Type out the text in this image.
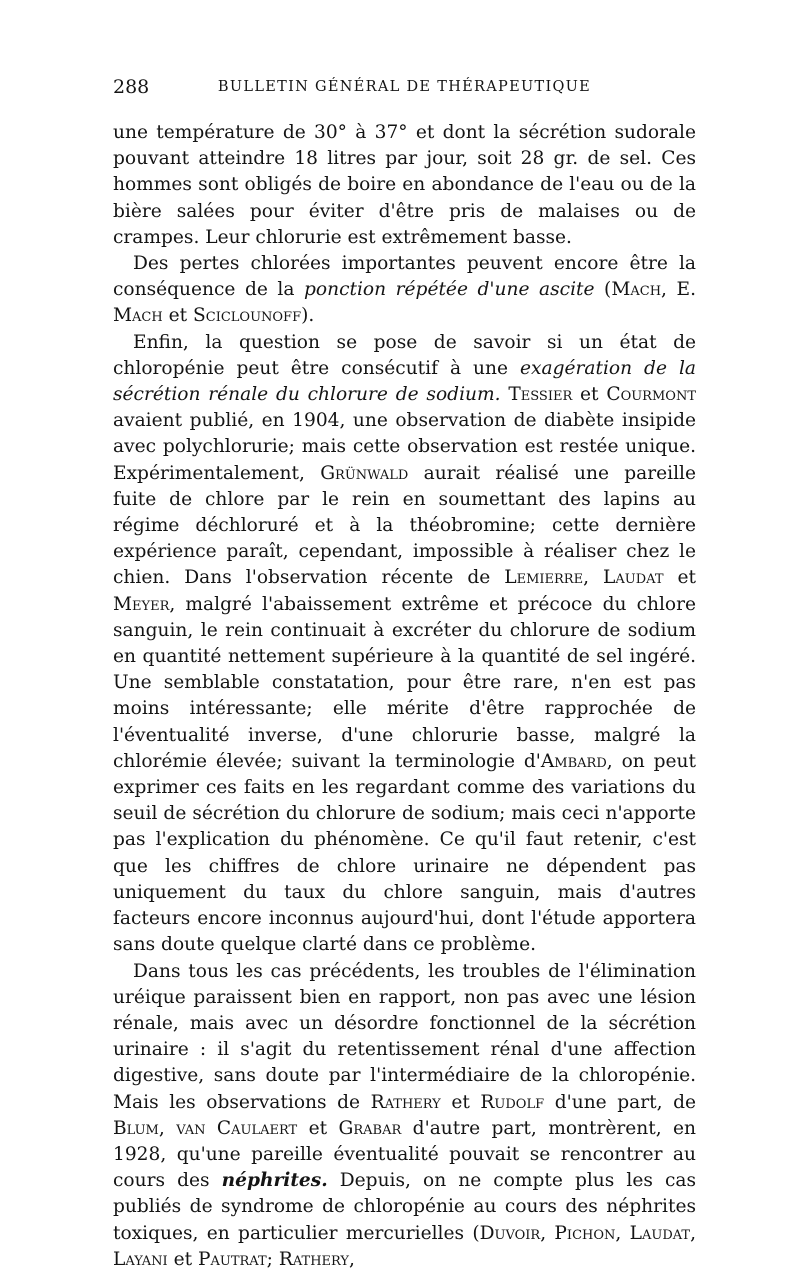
288	BULLETIN GÉNÉRAL DE THÉRAPEUTIQUE

une température de 30° à 37° et dont la sécrétion sudorale pouvant atteindre 18 litres par jour, soit 28 gr. de sel. Ces hommes sont obligés de boire en abondance de l'eau ou de la bière salées pour éviter d'être pris de malaises ou de crampes. Leur chlorurie est extrêmement basse.

Des pertes chlorées importantes peuvent encore être la conséquence de la ponction répétée d'une ascite (Mach, E. Mach et Sciclounoff).

Enfin, la question se pose de savoir si un état de chloropénie peut être consécutif à une exagération de la sécrétion rénale du chlorure de sodium. Tessier et Courmont avaient publié, en 1904, une observation de diabète insipide avec polychlorurie; mais cette observation est restée unique. Expérimentalement, Grünwald aurait réalisé une pareille fuite de chlore par le rein en soumettant des lapins au régime déchloruré et à la théobromine; cette dernière expérience paraît, cependant, impossible à réaliser chez le chien. Dans l'observation récente de Lemierre, Laudat et Meyer, malgré l'abaissement extrême et précoce du chlore sanguin, le rein continuait à excréter du chlorure de sodium en quantité nettement supérieure à la quantité de sel ingéré. Une semblable constatation, pour être rare, n'en est pas moins intéressante; elle mérite d'être rapprochée de l'éventualité inverse, d'une chlorurie basse, malgré la chlorémie élevée; suivant la terminologie d'Ambard, on peut exprimer ces faits en les regardant comme des variations du seuil de sécrétion du chlorure de sodium; mais ceci n'apporte pas l'explication du phénomène. Ce qu'il faut retenir, c'est que les chiffres de chlore urinaire ne dépendent pas uniquement du taux du chlore sanguin, mais d'autres facteurs encore inconnus aujourd'hui, dont l'étude apportera sans doute quelque clarté dans ce problème.

Dans tous les cas précédents, les troubles de l'élimination uréique paraissent bien en rapport, non pas avec une lésion rénale, mais avec un désordre fonctionnel de la sécrétion urinaire : il s'agit du retentissement rénal d'une affection digestive, sans doute par l'intermédiaire de la chloropénie. Mais les observations de Rathery et Rudolf d'une part, de Blum, van Caulaert et Grabar d'autre part, montrèrent, en 1928, qu'une pareille éventualité pouvait se rencontrer au cours des néphrites. Depuis, on ne compte plus les cas publiés de syndrome de chloropénie au cours des néphrites toxiques, en particulier mercurielles (Duvoir, Pichon, Laudat, Layani et Pautrat; Rathery,
